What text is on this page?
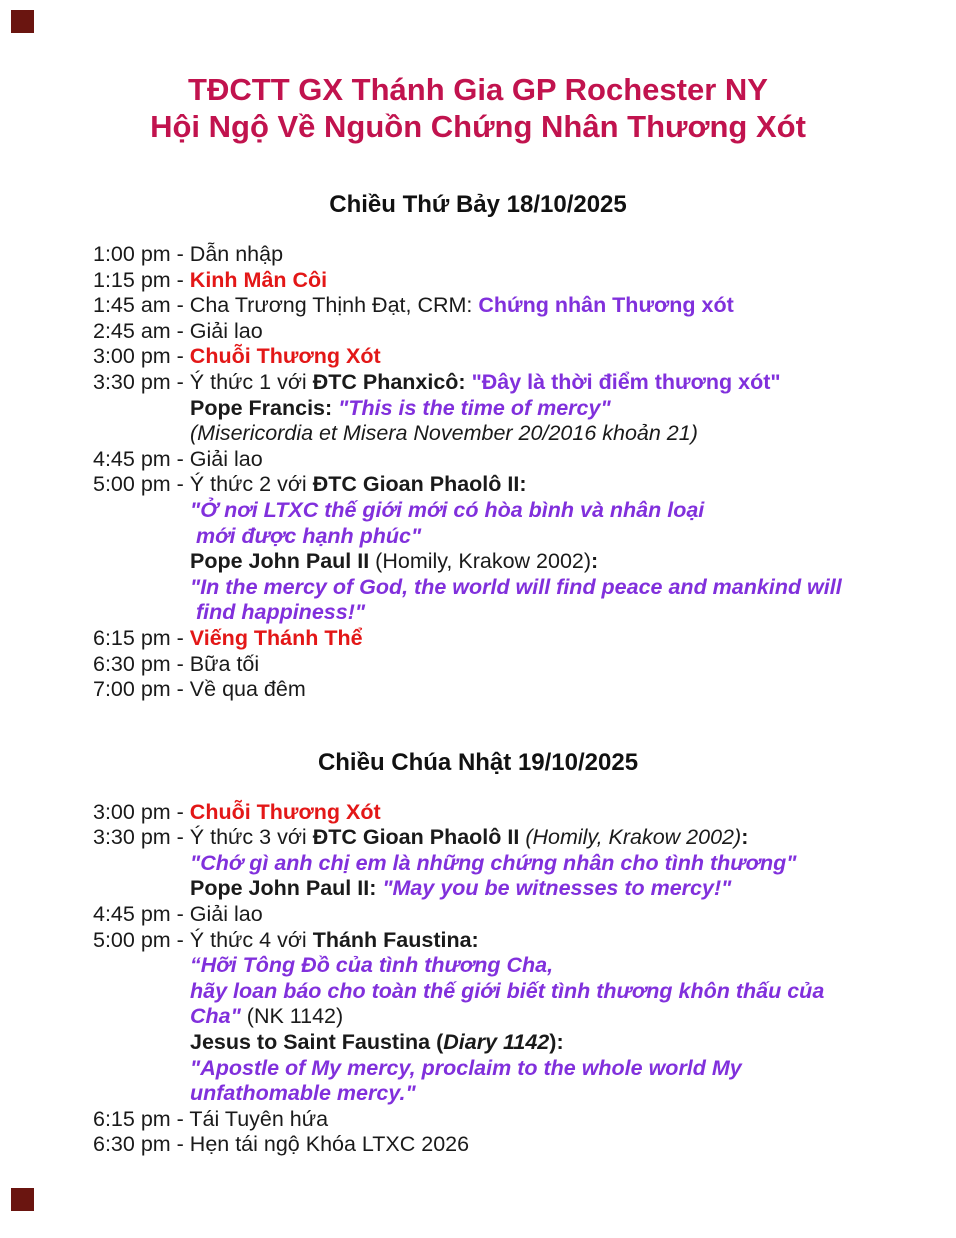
TĐCTT GX Thánh Gia GP Rochester NY
Hội Ngộ Về Nguồn Chứng Nhân Thương Xót
Chiều Thứ Bảy 18/10/2025
1:00 pm - Dẫn nhập
1:15 pm - Kinh Mân Côi
1:45 am - Cha Trương Thịnh Đạt, CRM: Chứng nhân Thương xót
2:45 am - Giải lao
3:00 pm - Chuỗi Thương Xót
3:30 pm - Ý thức 1 với ĐTC Phanxicô: "Đây là thời điểm thương xót"
Pope Francis: "This is the time of mercy"
(Misericordia et Misera November 20/2016 khoản 21)
4:45 pm - Giải lao
5:00 pm - Ý thức 2 với ĐTC Gioan Phaolô II:
"Ở nơi LTXC thế giới mới có hòa bình và nhân loại
mới được hạnh phúc"
Pope John Paul II (Homily, Krakow 2002):
"In the mercy of God, the world will find peace and mankind will
find happiness!"
6:15 pm - Viếng Thánh Thể
6:30 pm - Bữa tối
7:00 pm - Về qua đêm
Chiều Chúa Nhật 19/10/2025
3:00 pm - Chuỗi Thương Xót
3:30 pm - Ý thức 3 với ĐTC Gioan Phaolô II (Homily, Krakow 2002):
"Chớ gì anh chị em là những chứng nhân cho tình thương"
Pope John Paul II: "May you be witnesses to mercy!"
4:45 pm - Giải lao
5:00 pm - Ý thức 4 với Thánh Faustina:
“Hỡi Tông Đồ của tình thương Cha,
hãy loan báo cho toàn thế giới biết tình thương khôn thấu của
Cha" (NK 1142)
Jesus to Saint Faustina (Diary 1142):
"Apostle of My mercy, proclaim to the whole world My
unfathomable mercy."
6:15 pm - Tái Tuyên hứa
6:30 pm - Hẹn tái ngộ Khóa LTXC 2026
